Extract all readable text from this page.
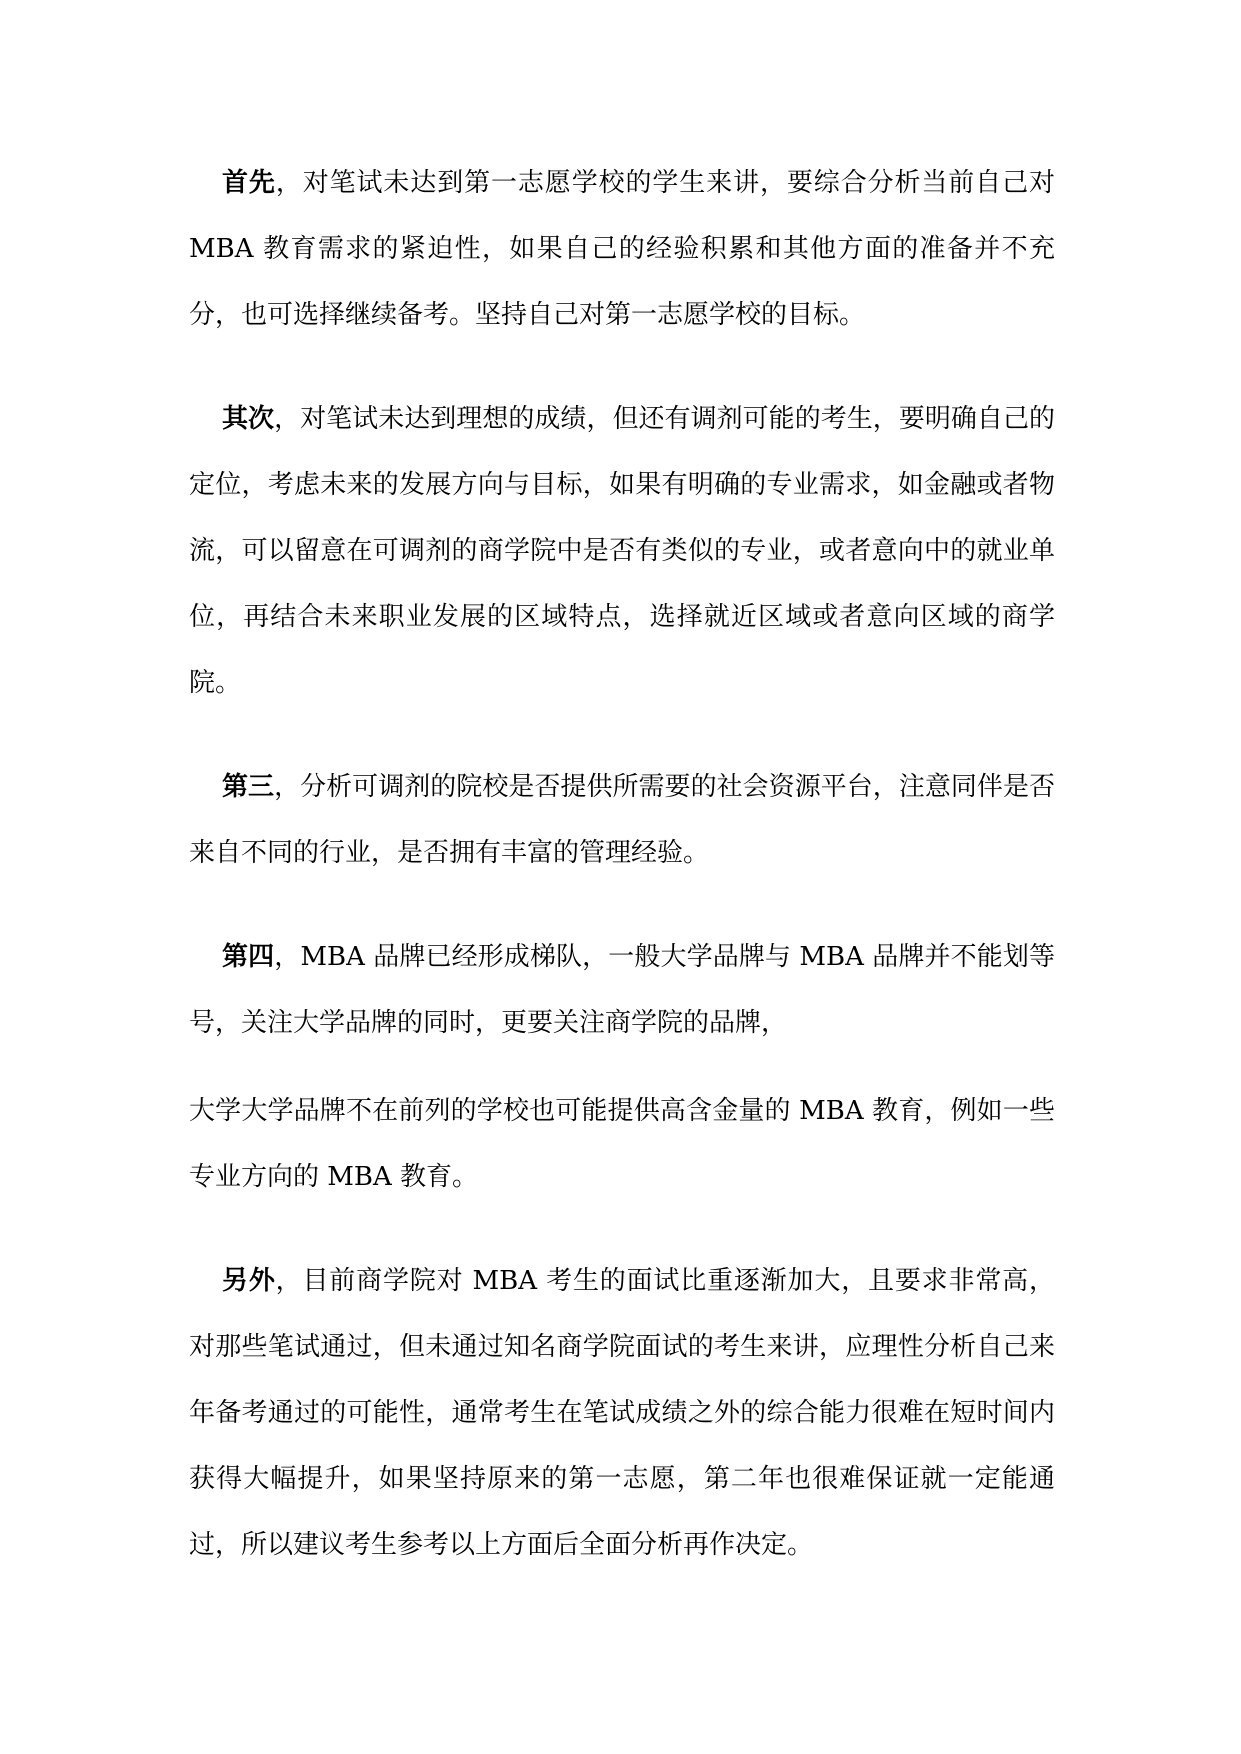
首先，对笔试未达到第一志愿学校的学生来讲，要综合分析当前自己对MBA 教育需求的紧迫性，如果自己的经验积累和其他方面的准备并不充分，也可选择继续备考。坚持自己对第一志愿学校的目标。

其次，对笔试未达到理想的成绩，但还有调剂可能的考生，要明确自己的定位，考虑未来的发展方向与目标，如果有明确的专业需求，如金融或者物流，可以留意在可调剂的商学院中是否有类似的专业，或者意向中的就业单位，再结合未来职业发展的区域特点，选择就近区域或者意向区域的商学院。

第三，分析可调剂的院校是否提供所需要的社会资源平台，注意同伴是否来自不同的行业，是否拥有丰富的管理经验。

第四，MBA 品牌已经形成梯队，一般大学品牌与 MBA 品牌并不能划等号，关注大学品牌的同时，更要关注商学院的品牌，

大学大学品牌不在前列的学校也可能提供高含金量的 MBA 教育，例如一些专业方向的 MBA 教育。

另外，目前商学院对 MBA 考生的面试比重逐渐加大，且要求非常高，对那些笔试通过，但未通过知名商学院面试的考生来讲，应理性分析自己来年备考通过的可能性，通常考生在笔试成绩之外的综合能力很难在短时间内获得大幅提升，如果坚持原来的第一志愿，第二年也很难保证就一定能通过，所以建议考生参考以上方面后全面分析再作决定。
